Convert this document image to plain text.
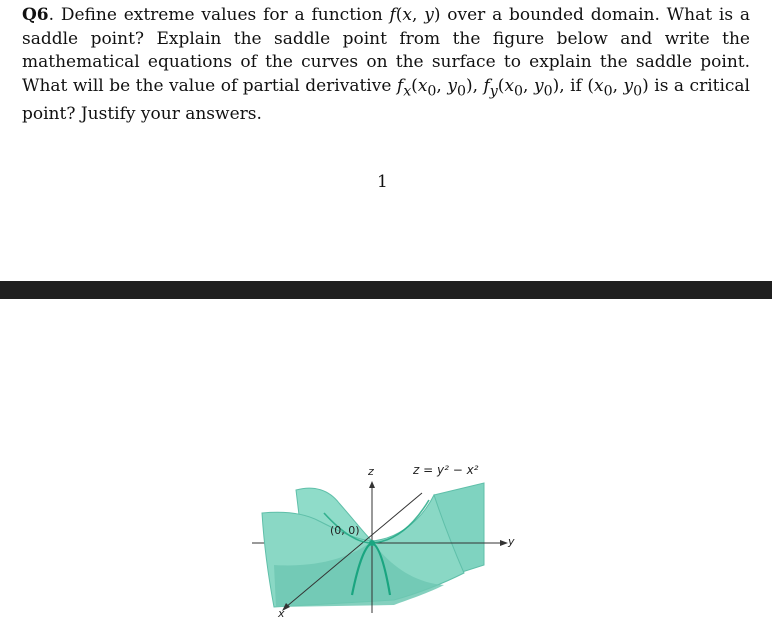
Q6. Define extreme values for a function f(x, y) over a bounded domain. What is a saddle point? Explain the saddle point from the figure below and write the mathematical equations of the curves on the surface to explain the saddle point. What will be the value of partial derivative $f_x(x_0$, $y_0$), $f_y(x_0$, $y_0$), if ($x_0$, $y_0$) is a critical point? Justify your answers.

1
z = y² − x²
z
y
x
(0, 0)
